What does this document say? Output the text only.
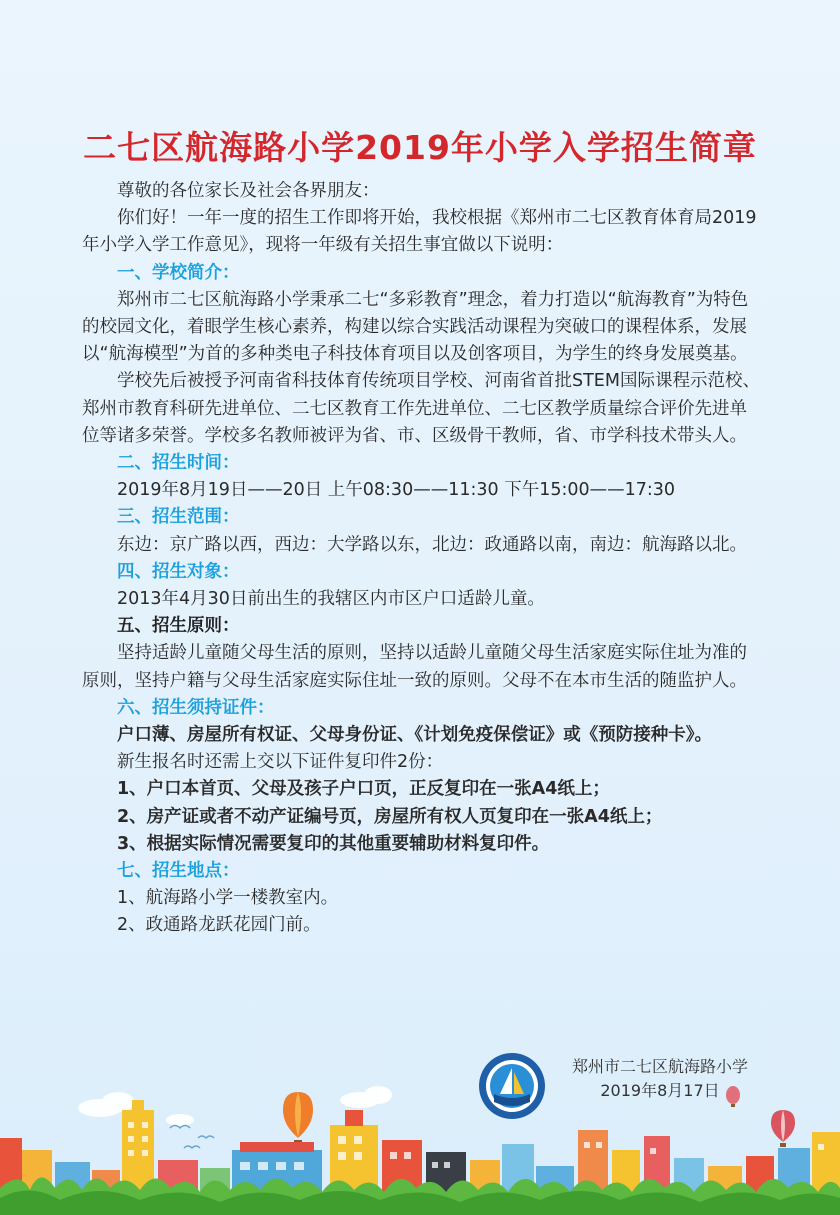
二七区航海路小学2019年小学入学招生简章

尊敬的各位家长及社会各界朋友：

你们好！一年一度的招生工作即将开始，我校根据《郑州市二七区教育体育局2019年小学入学工作意见》，现将一年级有关招生事宜做以下说明：

一、学校简介：

郑州市二七区航海路小学秉承二七“多彩教育”理念，着力打造以“航海教育”为特色的校园文化，着眼学生核心素养，构建以综合实践活动课程为突破口的课程体系，发展以“航海模型”为首的多种类电子科技体育项目以及创客项目，为学生的终身发展奠基。

学校先后被授予河南省科技体育传统项目学校、河南省首批STEM国际课程示范校、郑州市教育科研先进单位、二七区教育工作先进单位、二七区教学质量综合评价先进单位等诸多荣誉。学校多名教师被评为省、市、区级骨干教师，省、市学科技术带头人。

二、招生时间：

2019年8月19日——20日 上午08:30——11:30 下午15:00——17:30

三、招生范围：

东边：京广路以西，西边：大学路以东，北边：政通路以南，南边：航海路以北。

四、招生对象：

2013年4月30日前出生的我辖区内市区户口适龄儿童。

五、招生原则：

坚持适龄儿童随父母生活的原则，坚持以适龄儿童随父母生活家庭实际住址为准的原则，坚持户籍与父母生活家庭实际住址一致的原则。父母不在本市生活的随监护人。

六、招生须持证件：

户口薄、房屋所有权证、父母身份证、《计划免疫保偿证》或《预防接种卡》。

新生报名时还需上交以下证件复印件2份：

1、户口本首页、父母及孩子户口页，正反复印在一张A4纸上；

2、房产证或者不动产证编号页，房屋所有权人页复印在一张A4纸上；

3、根据实际情况需要复印的其他重要辅助材料复印件。

七、招生地点：

1、航海路小学一楼教室内。

2、政通路龙跃花园门前。

郑州市二七区航海路小学
2019年8月17日
